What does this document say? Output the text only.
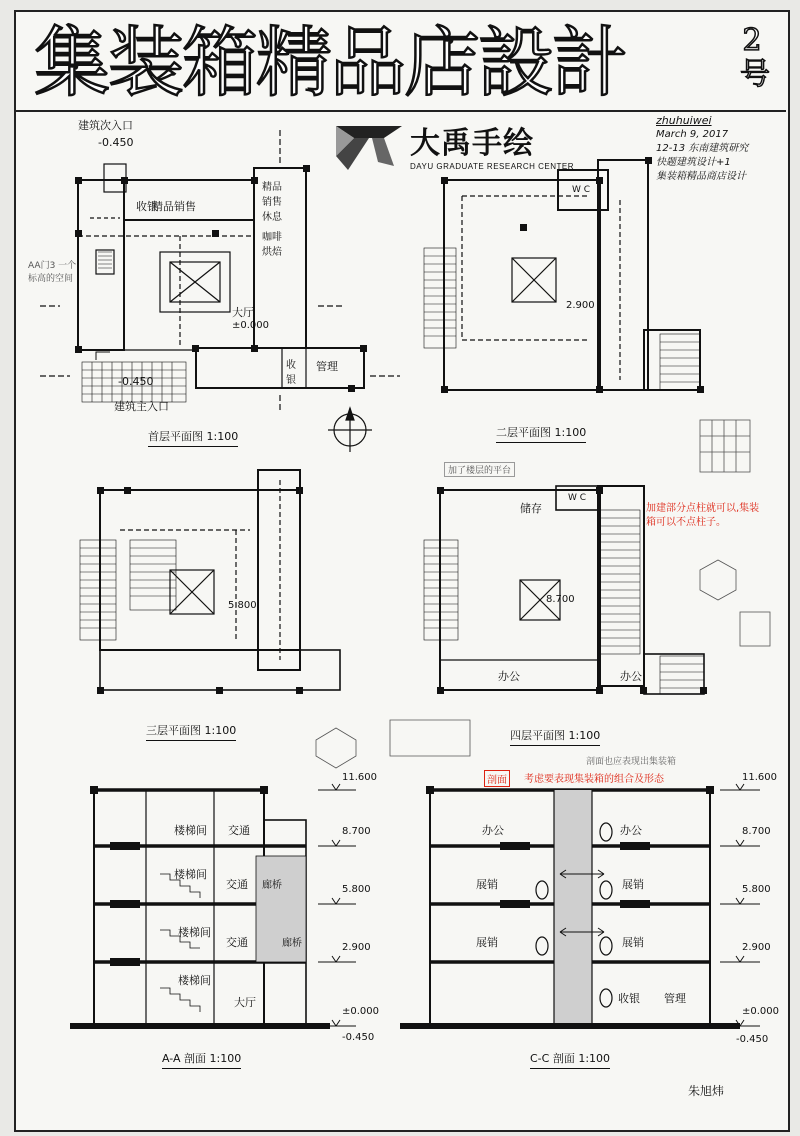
集装箱精品店設計	2号
大禹手绘
DAYU GRADUATE RESEARCH CENTER
zhuhuiwei
March 9, 2017
12-13 东南建筑研究
快题建筑设计+1
集装箱精品商店设计
W C
W C
建筑次入口
-0.450
建筑主入口
-0.450
收银
精品销售
精品销售休息
咖啡烘焙
大厅
±0.000
收银
管理
AA门3 一个标高的空间
首层平面图 1:100
2.900
二层平面图 1:100
5.800
加了楼层的平台
三层平面图 1:100
储存
8.700
办公	办公
四层平面图 1:100
加建部分点柱就可以,集装箱可以不点柱子。
剖面	考虑要表现集装箱的组合及形态
剖面也应表现出集装箱
楼梯间 交通
楼梯间
交通 廊桥
楼梯间
交通	廊桥
楼梯间
大厅
11.600
8.700
5.800
2.900
±0.000
-0.450
A-A 剖面 1:100
办公	办公
展销	展销
展销	展销
收银 管理
11.600
8.700
5.800
2.900
±0.000
-0.450
C-C 剖面 1:100
朱旭炜
